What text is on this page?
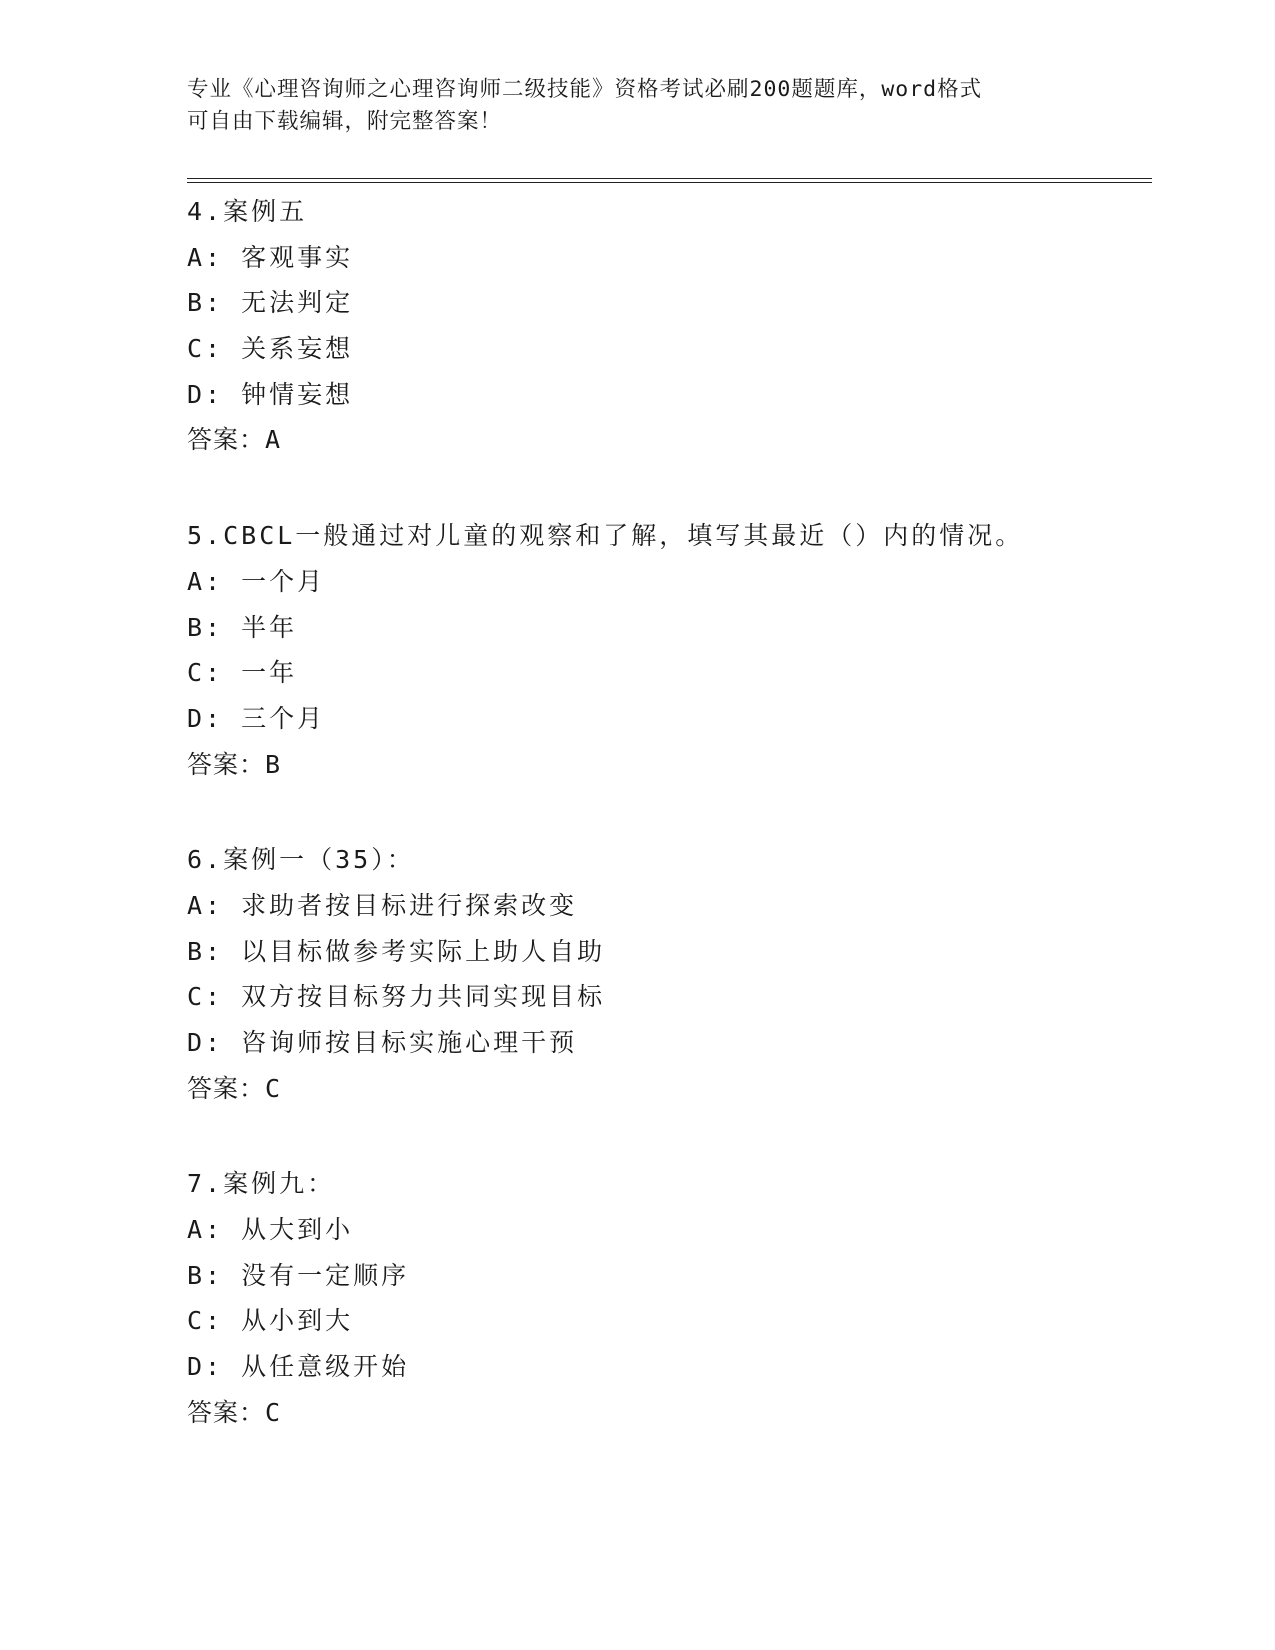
专业《心理咨询师之心理咨询师二级技能》资格考试必刷200题题库，word格式
可自由下载编辑，附完整答案！
4.案例五
A: 客观事实
B: 无法判定
C: 关系妄想
D: 钟情妄想
答案：A
5.CBCL一般通过对儿童的观察和了解，填写其最近（）内的情况。
A: 一个月
B: 半年
C: 一年
D: 三个月
答案：B
6.案例一（35）：
A: 求助者按目标进行探索改变
B: 以目标做参考实际上助人自助
C: 双方按目标努力共同实现目标
D: 咨询师按目标实施心理干预
答案：C
7.案例九：
A: 从大到小
B: 没有一定顺序
C: 从小到大
D: 从任意级开始
答案：C
